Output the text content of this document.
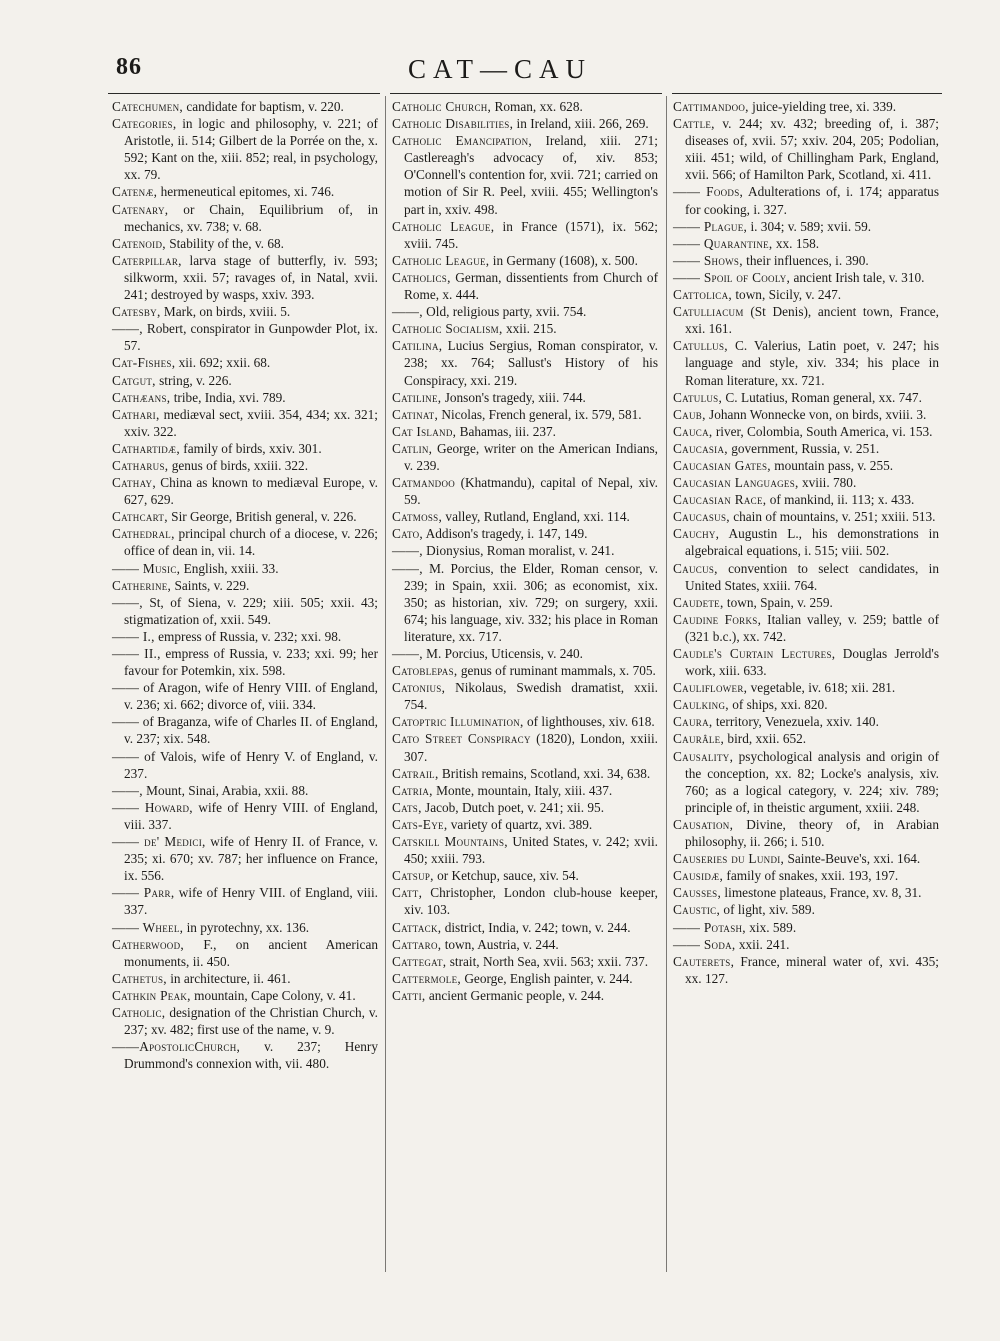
86	CAT—CAU

Catechumen, candidate for baptism, v. 220.

Categories, in logic and philosophy, v. 221; of Aristotle, ii. 514; Gilbert de la Porrée on the, x. 592; Kant on the, xiii. 852; real, in psychology, xx. 79.

Catenæ, hermeneutical epitomes, xi. 746.

Catenary, or Chain, Equilibrium of, in mechanics, xv. 738; v. 68.

Catenoid, Stability of the, v. 68.

Caterpillar, larva stage of butterfly, iv. 593; silkworm, xxii. 57; ravages of, in Natal, xvii. 241; destroyed by wasps, xxiv. 393.

Catesby, Mark, on birds, xviii. 5.

——, Robert, conspirator in Gunpowder Plot, ix. 57.

Cat-Fishes, xii. 692; xxii. 68.

Catgut, string, v. 226.

Cathæans, tribe, India, xvi. 789.

Cathari, mediæval sect, xviii. 354, 434; xx. 321; xxiv. 322.

Cathartidæ, family of birds, xxiv. 301.

Catharus, genus of birds, xxiii. 322.

Cathay, China as known to mediæval Europe, v. 627, 629.

Cathcart, Sir George, British general, v. 226.

Cathedral, principal church of a diocese, v. 226; office of dean in, vii. 14.

—— Music, English, xxiii. 33.

Catherine, Saints, v. 229.

——, St, of Siena, v. 229; xiii. 505; xxii. 43; stigmatization of, xxii. 549.

—— I., empress of Russia, v. 232; xxi. 98.

—— II., empress of Russia, v. 233; xxi. 99; her favour for Potemkin, xix. 598.

—— of Aragon, wife of Henry VIII. of England, v. 236; xi. 662; divorce of, viii. 334.

—— of Braganza, wife of Charles II. of England, v. 237; xix. 548.

—— of Valois, wife of Henry V. of England, v. 237.

——, Mount, Sinai, Arabia, xxii. 88.

—— Howard, wife of Henry VIII. of England, viii. 337.

—— de' Medici, wife of Henry II. of France, v. 235; xi. 670; xv. 787; her influence on France, ix. 556.

—— Parr, wife of Henry VIII. of England, viii. 337.

—— Wheel, in pyrotechny, xx. 136.

Catherwood, F., on ancient American monuments, ii. 450.

Cathetus, in architecture, ii. 461.

Cathkin Peak, mountain, Cape Colony, v. 41.

Catholic, designation of the Christian Church, v. 237; xv. 482; first use of the name, v. 9.

——ApostolicChurch, v. 237; Henry Drummond's connexion with, vii. 480.

Catholic Church, Roman, xx. 628.

Catholic Disabilities, in Ireland, xiii. 266, 269.

Catholic Emancipation, Ireland, xiii. 271; Castlereagh's advocacy of, xiv. 853; O'Connell's contention for, xvii. 721; carried on motion of Sir R. Peel, xviii. 455; Wellington's part in, xxiv. 498.

Catholic League, in France (1571), ix. 562; xviii. 745.

Catholic League, in Germany (1608), x. 500.

Catholics, German, dissentients from Church of Rome, x. 444.

——, Old, religious party, xvii. 754.

Catholic Socialism, xxii. 215.

Catilina, Lucius Sergius, Roman conspirator, v. 238; xx. 764; Sallust's History of his Conspiracy, xxi. 219.

Catiline, Jonson's tragedy, xiii. 744.

Catinat, Nicolas, French general, ix. 579, 581.

Cat Island, Bahamas, iii. 237.

Catlin, George, writer on the American Indians, v. 239.

Catmandoo (Khatmandu), capital of Nepal, xiv. 59.

Catmoss, valley, Rutland, England, xxi. 114.

Cato, Addison's tragedy, i. 147, 149.

——, Dionysius, Roman moralist, v. 241.

——, M. Porcius, the Elder, Roman censor, v. 239; in Spain, xxii. 306; as economist, xix. 350; as historian, xiv. 729; on surgery, xxii. 674; his language, xiv. 332; his place in Roman literature, xx. 717.

——, M. Porcius, Uticensis, v. 240.

Catoblepas, genus of ruminant mammals, x. 705.

Catonius, Nikolaus, Swedish dramatist, xxii. 754.

Catoptric Illumination, of lighthouses, xiv. 618.

Cato Street Conspiracy (1820), London, xxiii. 307.

Catrail, British remains, Scotland, xxi. 34, 638.

Catria, Monte, mountain, Italy, xiii. 437.

Cats, Jacob, Dutch poet, v. 241; xii. 95.

Cats-Eye, variety of quartz, xvi. 389.

Catskill Mountains, United States, v. 242; xvii. 450; xxiii. 793.

Catsup, or Ketchup, sauce, xiv. 54.

Catt, Christopher, London club-house keeper, xiv. 103.

Cattack, district, India, v. 242; town, v. 244.

Cattaro, town, Austria, v. 244.

Cattegat, strait, North Sea, xvii. 563; xxii. 737.

Cattermole, George, English painter, v. 244.

Catti, ancient Germanic people, v. 244.

Cattimandoo, juice-yielding tree, xi. 339.

Cattle, v. 244; xv. 432; breeding of, i. 387; diseases of, xvii. 57; xxiv. 204, 205; Podolian, xiii. 451; wild, of Chillingham Park, England, xvii. 566; of Hamilton Park, Scotland, xi. 411.

—— Foods, Adulterations of, i. 174; apparatus for cooking, i. 327.

—— Plague, i. 304; v. 589; xvii. 59.

—— Quarantine, xx. 158.

—— Shows, their influences, i. 390.

—— Spoil of Cooly, ancient Irish tale, v. 310.

Cattolica, town, Sicily, v. 247.

Catulliacum (St Denis), ancient town, France, xxi. 161.

Catullus, C. Valerius, Latin poet, v. 247; his language and style, xiv. 334; his place in Roman literature, xx. 721.

Catulus, C. Lutatius, Roman general, xx. 747.

Caub, Johann Wonnecke von, on birds, xviii. 3.

Cauca, river, Colombia, South America, vi. 153.

Caucasia, government, Russia, v. 251.

Caucasian Gates, mountain pass, v. 255.

Caucasian Languages, xviii. 780.

Caucasian Race, of mankind, ii. 113; x. 433.

Caucasus, chain of mountains, v. 251; xxiii. 513.

Cauchy, Augustin L., his demonstrations in algebraical equations, i. 515; viii. 502.

Caucus, convention to select candidates, in United States, xxiii. 764.

Caudete, town, Spain, v. 259.

Caudine Forks, Italian valley, v. 259; battle of (321 b.c.), xx. 742.

Caudle's Curtain Lectures, Douglas Jerrold's work, xiii. 633.

Cauliflower, vegetable, iv. 618; xii. 281.

Caulking, of ships, xxi. 820.

Caura, territory, Venezuela, xxiv. 140.

Caurâle, bird, xxii. 652.

Causality, psychological analysis and origin of the conception, xx. 82; Locke's analysis, xiv. 760; as a logical category, v. 224; xiv. 789; principle of, in theistic argument, xxiii. 248.

Causation, Divine, theory of, in Arabian philosophy, ii. 266; i. 510.

Causeries du Lundi, Sainte-Beuve's, xxi. 164.

Causidæ, family of snakes, xxii. 193, 197.

Causses, limestone plateaus, France, xv. 8, 31.

Caustic, of light, xiv. 589.

—— Potash, xix. 589.

—— Soda, xxii. 241.

Cauterets, France, mineral water of, xvi. 435; xx. 127.
